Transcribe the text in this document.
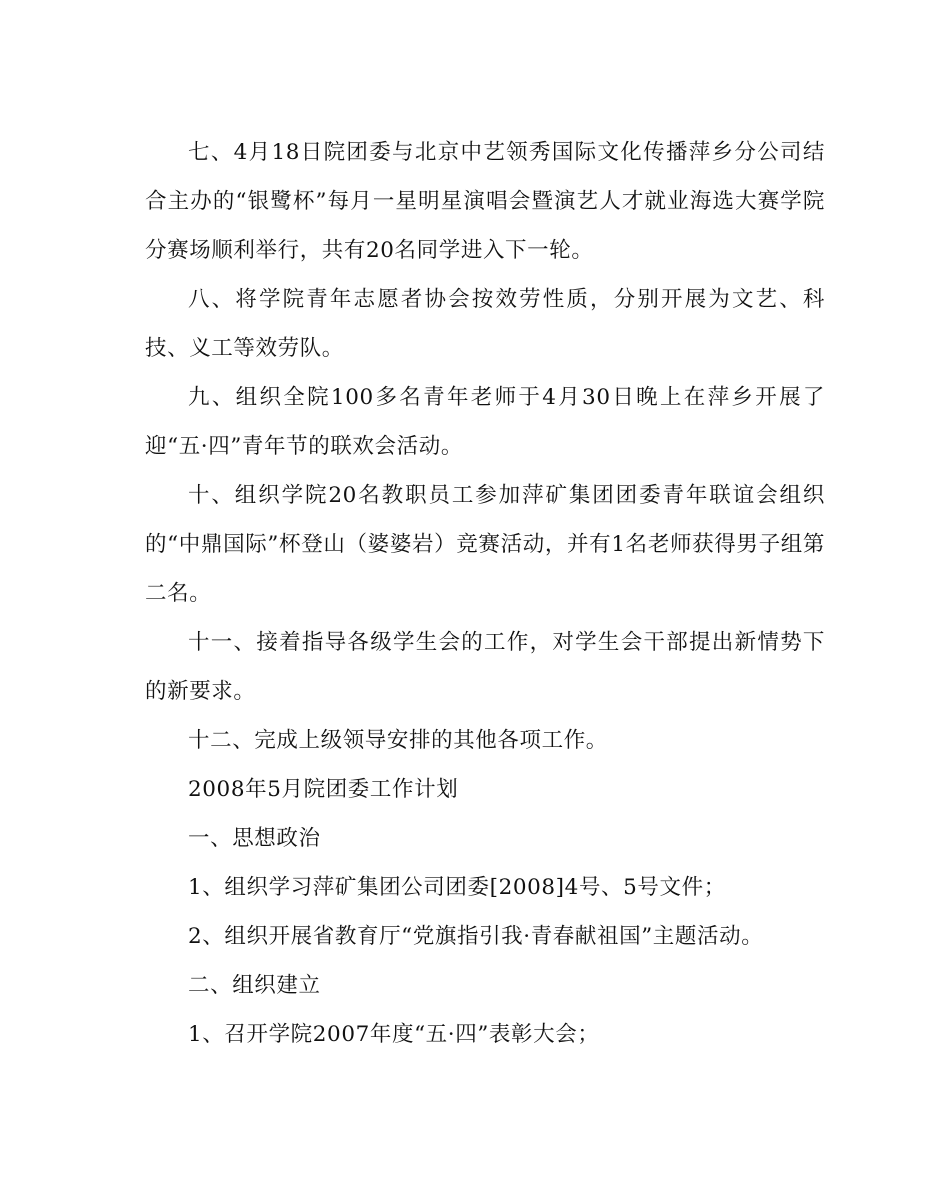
七、4月18日院团委与北京中艺领秀国际文化传播萍乡分公司结合主办的“银鹭杯”每月一星明星演唱会暨演艺人才就业海选大赛学院分赛场顺利举行，共有20名同学进入下一轮。

八、将学院青年志愿者协会按效劳性质，分别开展为文艺、科技、义工等效劳队。

九、组织全院100多名青年老师于4月30日晚上在萍乡开展了迎“五·四”青年节的联欢会活动。

十、组织学院20名教职员工参加萍矿集团团委青年联谊会组织的“中鼎国际”杯登山（婆婆岩）竞赛活动，并有1名老师获得男子组第二名。

十一、接着指导各级学生会的工作，对学生会干部提出新情势下的新要求。

十二、完成上级领导安排的其他各项工作。

2008年5月院团委工作计划

一、思想政治

1、组织学习萍矿集团公司团委[2008]4号、5号文件；

2、组织开展省教育厅“党旗指引我·青春献祖国”主题活动。

二、组织建立

1、召开学院2007年度“五·四”表彰大会；
